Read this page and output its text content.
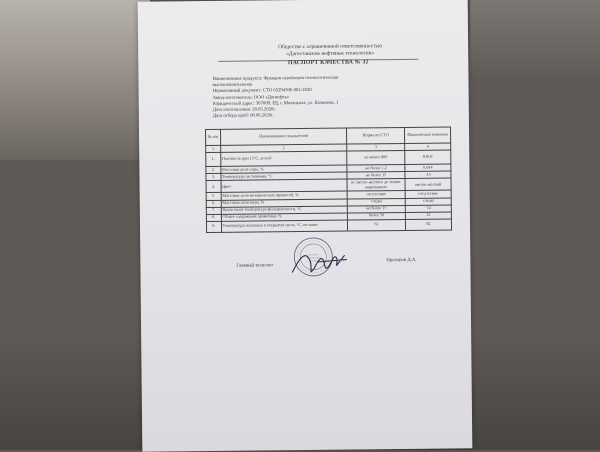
Общество с ограниченной ответственностью
«Дагестанские нефтяные технологии»
ПАСПОРТ КАЧЕСТВА № 32
Наименование продукта: Фракция газойлевая технологическая
высококипятильная
Нормативный документ: СТО 65294306-001-2020
Завод-изготовитель: ООО «Дагнефть»
Юридический адрес: 367009, РД, г. Махачкала, ул. Казимова, 1
Дата изготовления: 28.05.2020г.
Дата отбора проб: 08.06.2020г.
№ п/п	Наименование показателей	Норма по СТО	Фактические значения
1	2	3	4
1.	Плотность при 15°С, кг/куб	не менее 800	816,8
2.	Массовая доля серы, %	не более 1,2	0,044
3.	Температура застывания, °С	не более 15	-15
4.	Цвет	от светло-желтого до темно-коричневого	светло-желтый
5.	Массовая доля механических примесей, %	отсутствие	отсутствие
6.	Массовая доля воды, %	следы	следы
7.	Предельная температура фильтруемости, °С	не более 15	-12
8.	Общее содержание ароматики, %	более 30	32
9.	Температура вспышки в открытом тигле, °С, не ниже	61	82
Главный технолог
Прохоров Д.А.
